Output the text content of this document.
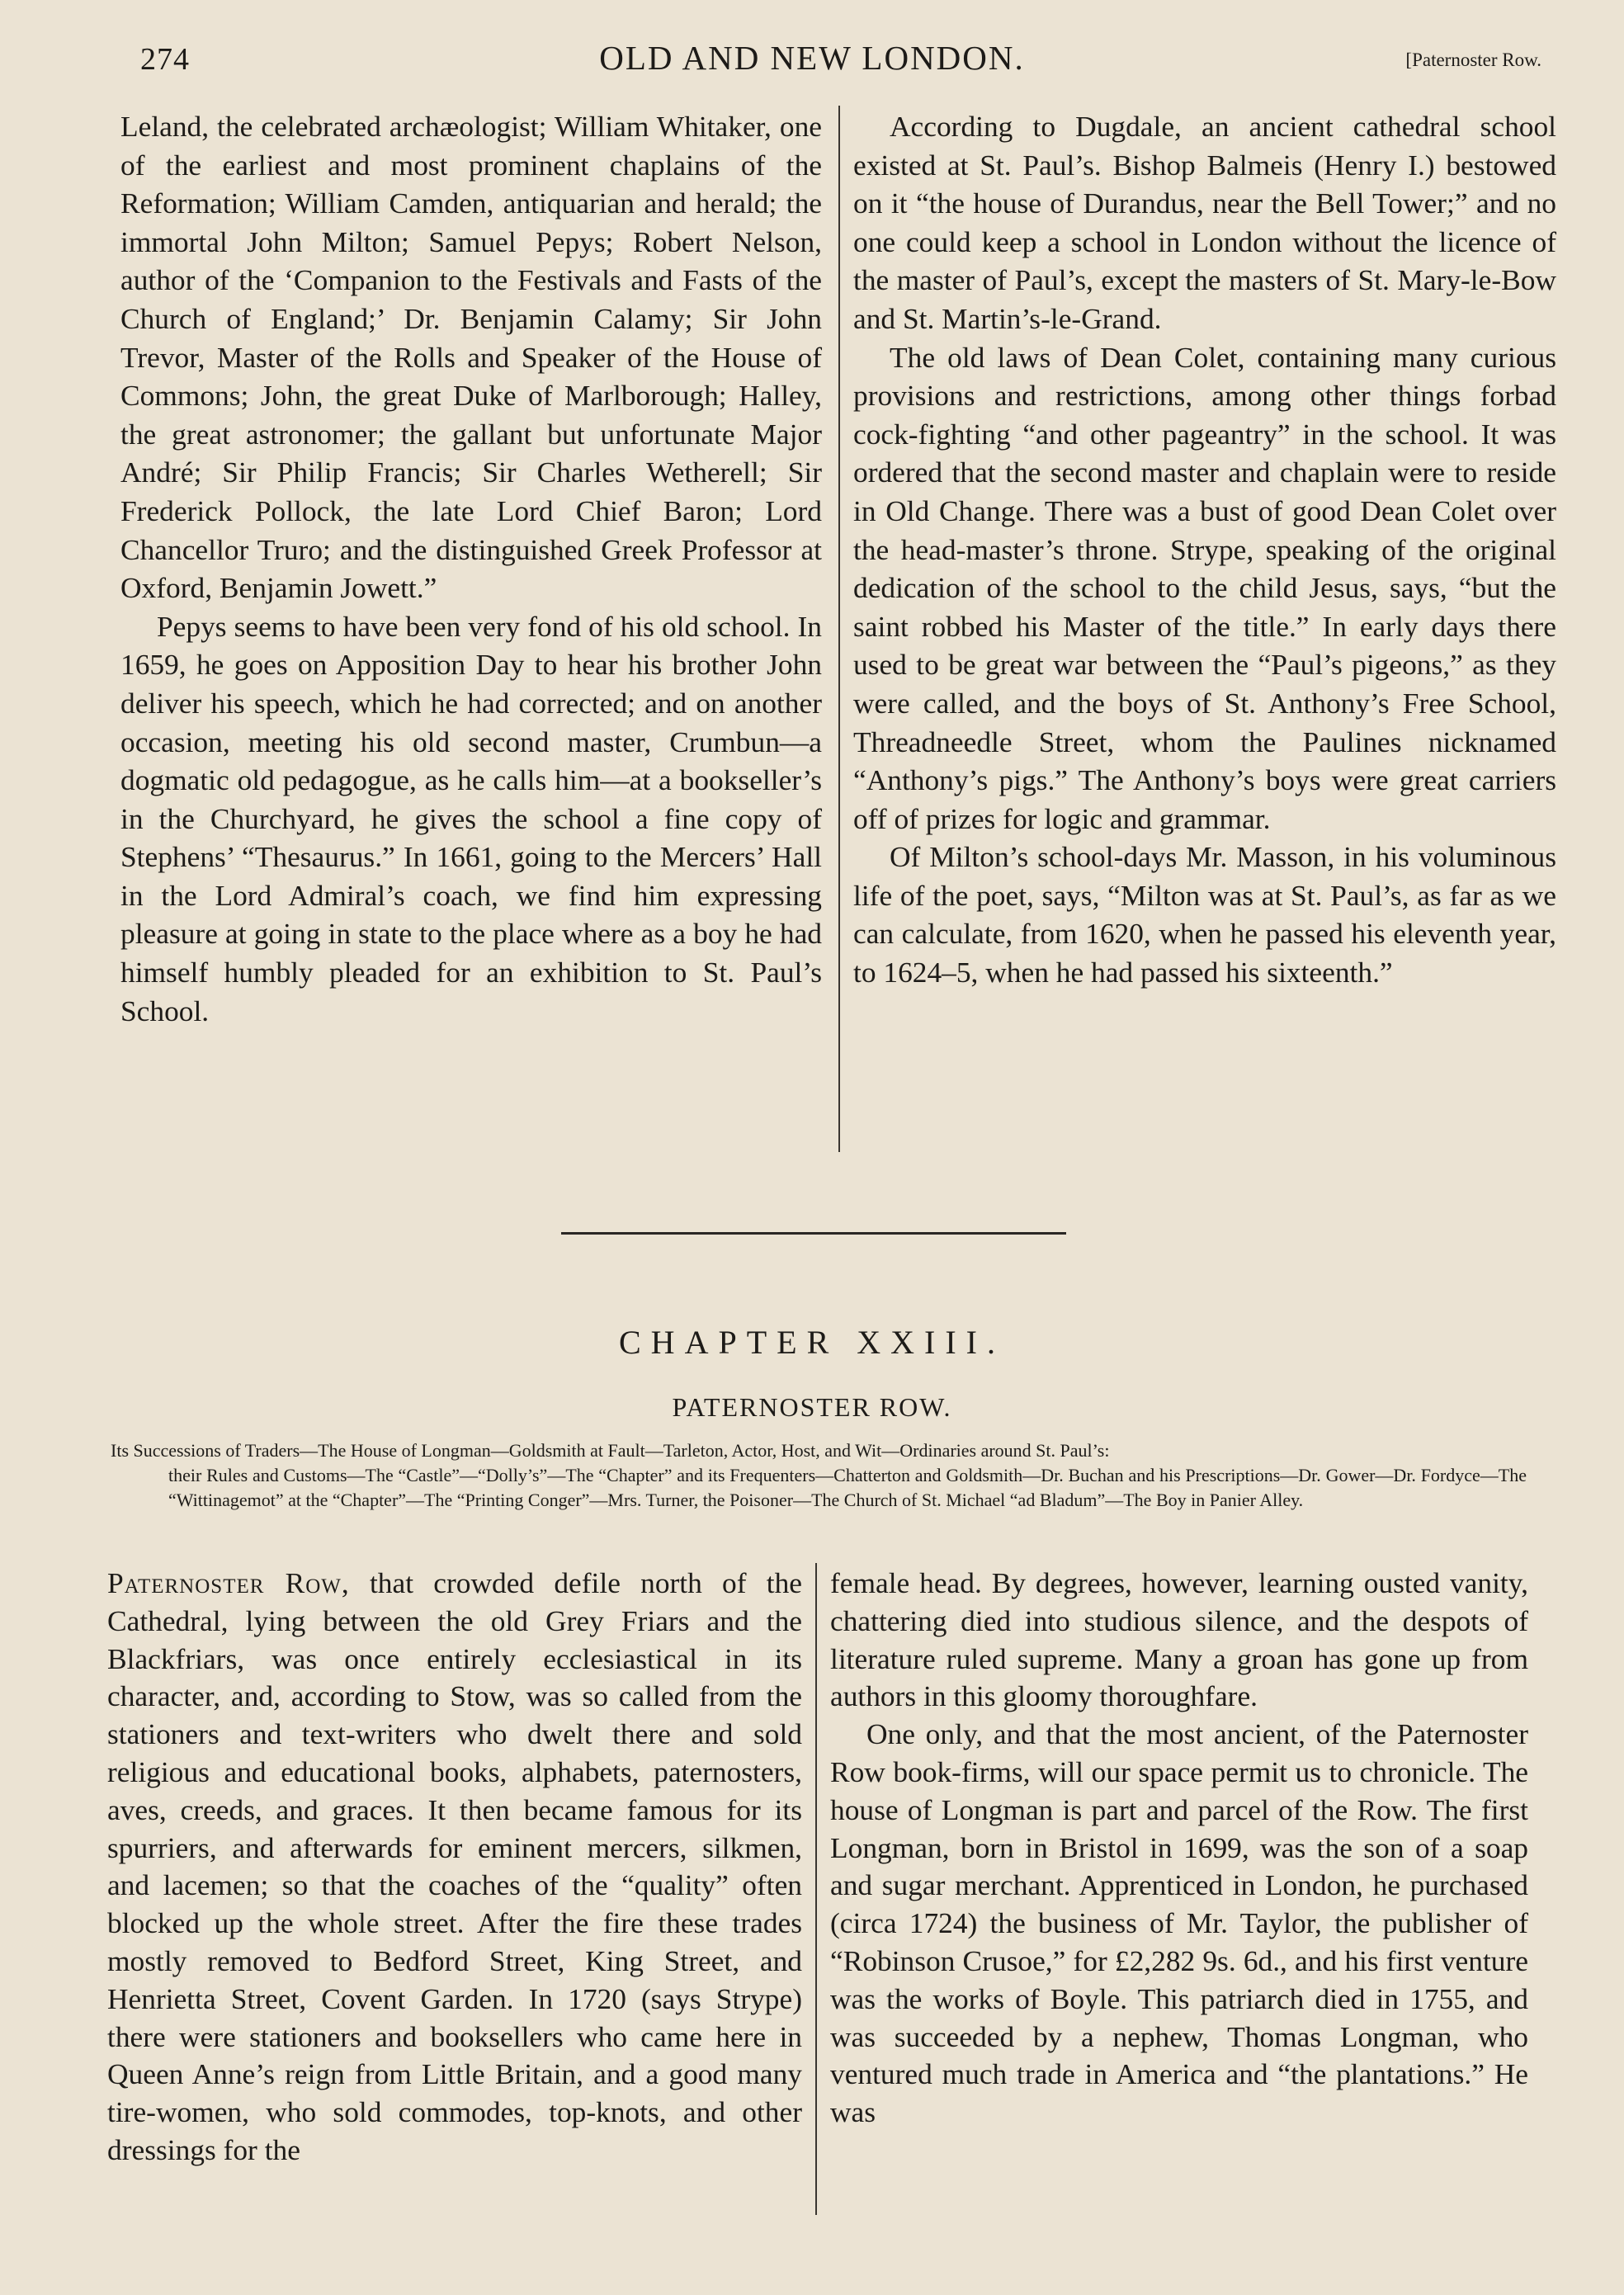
274	OLD AND NEW LONDON.	[Paternoster Row.

Leland, the celebrated archæologist; William Whitaker, one of the earliest and most prominent chaplains of the Reformation; William Camden, antiquarian and herald; the immortal John Milton; Samuel Pepys; Robert Nelson, author of the ‘Companion to the Festivals and Fasts of the Church of England;’ Dr. Benjamin Calamy; Sir John Trevor, Master of the Rolls and Speaker of the House of Commons; John, the great Duke of Marlborough; Halley, the great astronomer; the gallant but unfortunate Major André; Sir Philip Francis; Sir Charles Wetherell; Sir Frederick Pollock, the late Lord Chief Baron; Lord Chancellor Truro; and the distinguished Greek Professor at Oxford, Benjamin Jowett.”

Pepys seems to have been very fond of his old school. In 1659, he goes on Apposition Day to hear his brother John deliver his speech, which he had corrected; and on another occasion, meeting his old second master, Crumbun—a dogmatic old pedagogue, as he calls him—at a bookseller’s in the Churchyard, he gives the school a fine copy of Stephens’ “Thesaurus.” In 1661, going to the Mercers’ Hall in the Lord Admiral’s coach, we find him expressing pleasure at going in state to the place where as a boy he had himself humbly pleaded for an exhibition to St. Paul’s School.

According to Dugdale, an ancient cathedral school existed at St. Paul’s. Bishop Balmeis (Henry I.) bestowed on it “the house of Durandus, near the Bell Tower;” and no one could keep a school in London without the licence of the master of Paul’s, except the masters of St. Mary-le-Bow and St. Martin’s-le-Grand.

The old laws of Dean Colet, containing many curious provisions and restrictions, among other things forbad cock-fighting “and other pageantry” in the school. It was ordered that the second master and chaplain were to reside in Old Change. There was a bust of good Dean Colet over the head-master’s throne. Strype, speaking of the original dedication of the school to the child Jesus, says, “but the saint robbed his Master of the title.” In early days there used to be great war between the “Paul’s pigeons,” as they were called, and the boys of St. Anthony’s Free School, Threadneedle Street, whom the Paulines nicknamed “Anthony’s pigs.” The Anthony’s boys were great carriers off of prizes for logic and grammar.

Of Milton’s school-days Mr. Masson, in his voluminous life of the poet, says, “Milton was at St. Paul’s, as far as we can calculate, from 1620, when he passed his eleventh year, to 1624–5, when he had passed his sixteenth.”

CHAPTER XXIII.
PATERNOSTER ROW.
Its Successions of Traders—The House of Longman—Goldsmith at Fault—Tarleton, Actor, Host, and Wit—Ordinaries around St. Paul’s:
their Rules and Customs—The “Castle”—“Dolly’s”—The “Chapter” and its Frequenters—Chatterton and Goldsmith—Dr. Buchan and his Prescriptions—Dr. Gower—Dr. Fordyce—The “Wittinagemot” at the “Chapter”—The “Printing Conger”—Mrs. Turner, the Poisoner—The Church of St. Michael “ad Bladum”—The Boy in Panier Alley.

Paternoster Row, that crowded defile north of the Cathedral, lying between the old Grey Friars and the Blackfriars, was once entirely ecclesiastical in its character, and, according to Stow, was so called from the stationers and text-writers who dwelt there and sold religious and educational books, alphabets, paternosters, aves, creeds, and graces. It then became famous for its spurriers, and afterwards for eminent mercers, silkmen, and lacemen; so that the coaches of the “quality” often blocked up the whole street. After the fire these trades mostly removed to Bedford Street, King Street, and Henrietta Street, Covent Garden. In 1720 (says Strype) there were stationers and booksellers who came here in Queen Anne’s reign from Little Britain, and a good many tire-women, who sold commodes, top-knots, and other dressings for the

female head. By degrees, however, learning ousted vanity, chattering died into studious silence, and the despots of literature ruled supreme. Many a groan has gone up from authors in this gloomy thoroughfare.

One only, and that the most ancient, of the Paternoster Row book-firms, will our space permit us to chronicle. The house of Longman is part and parcel of the Row. The first Longman, born in Bristol in 1699, was the son of a soap and sugar merchant. Apprenticed in London, he purchased (circa 1724) the business of Mr. Taylor, the publisher of “Robinson Crusoe,” for £2,282 9s. 6d., and his first venture was the works of Boyle. This patriarch died in 1755, and was succeeded by a nephew, Thomas Longman, who ventured much trade in America and “the plantations.” He was
